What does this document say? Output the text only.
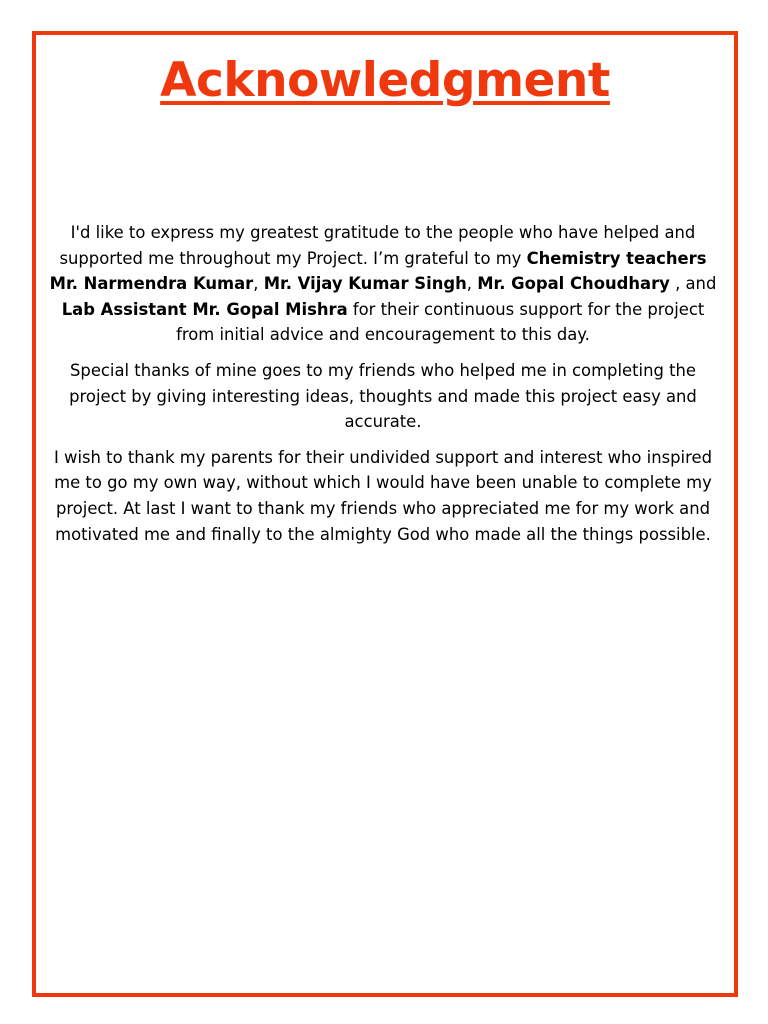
Acknowledgment

I'd like to express my greatest gratitude to the people who have helped and supported me throughout my Project. I’m grateful to my Chemistry teachers Mr. Narmendra Kumar, Mr. Vijay Kumar Singh, Mr. Gopal Choudhary , and Lab Assistant Mr. Gopal Mishra for their continuous support for the project from initial advice and encouragement to this day.

Special thanks of mine goes to my friends who helped me in completing the project by giving interesting ideas, thoughts and made this project easy and accurate.

I wish to thank my parents for their undivided support and interest who inspired me to go my own way, without which I would have been unable to complete my project. At last I want to thank my friends who appreciated me for my work and motivated me and finally to the almighty God who made all the things possible.
